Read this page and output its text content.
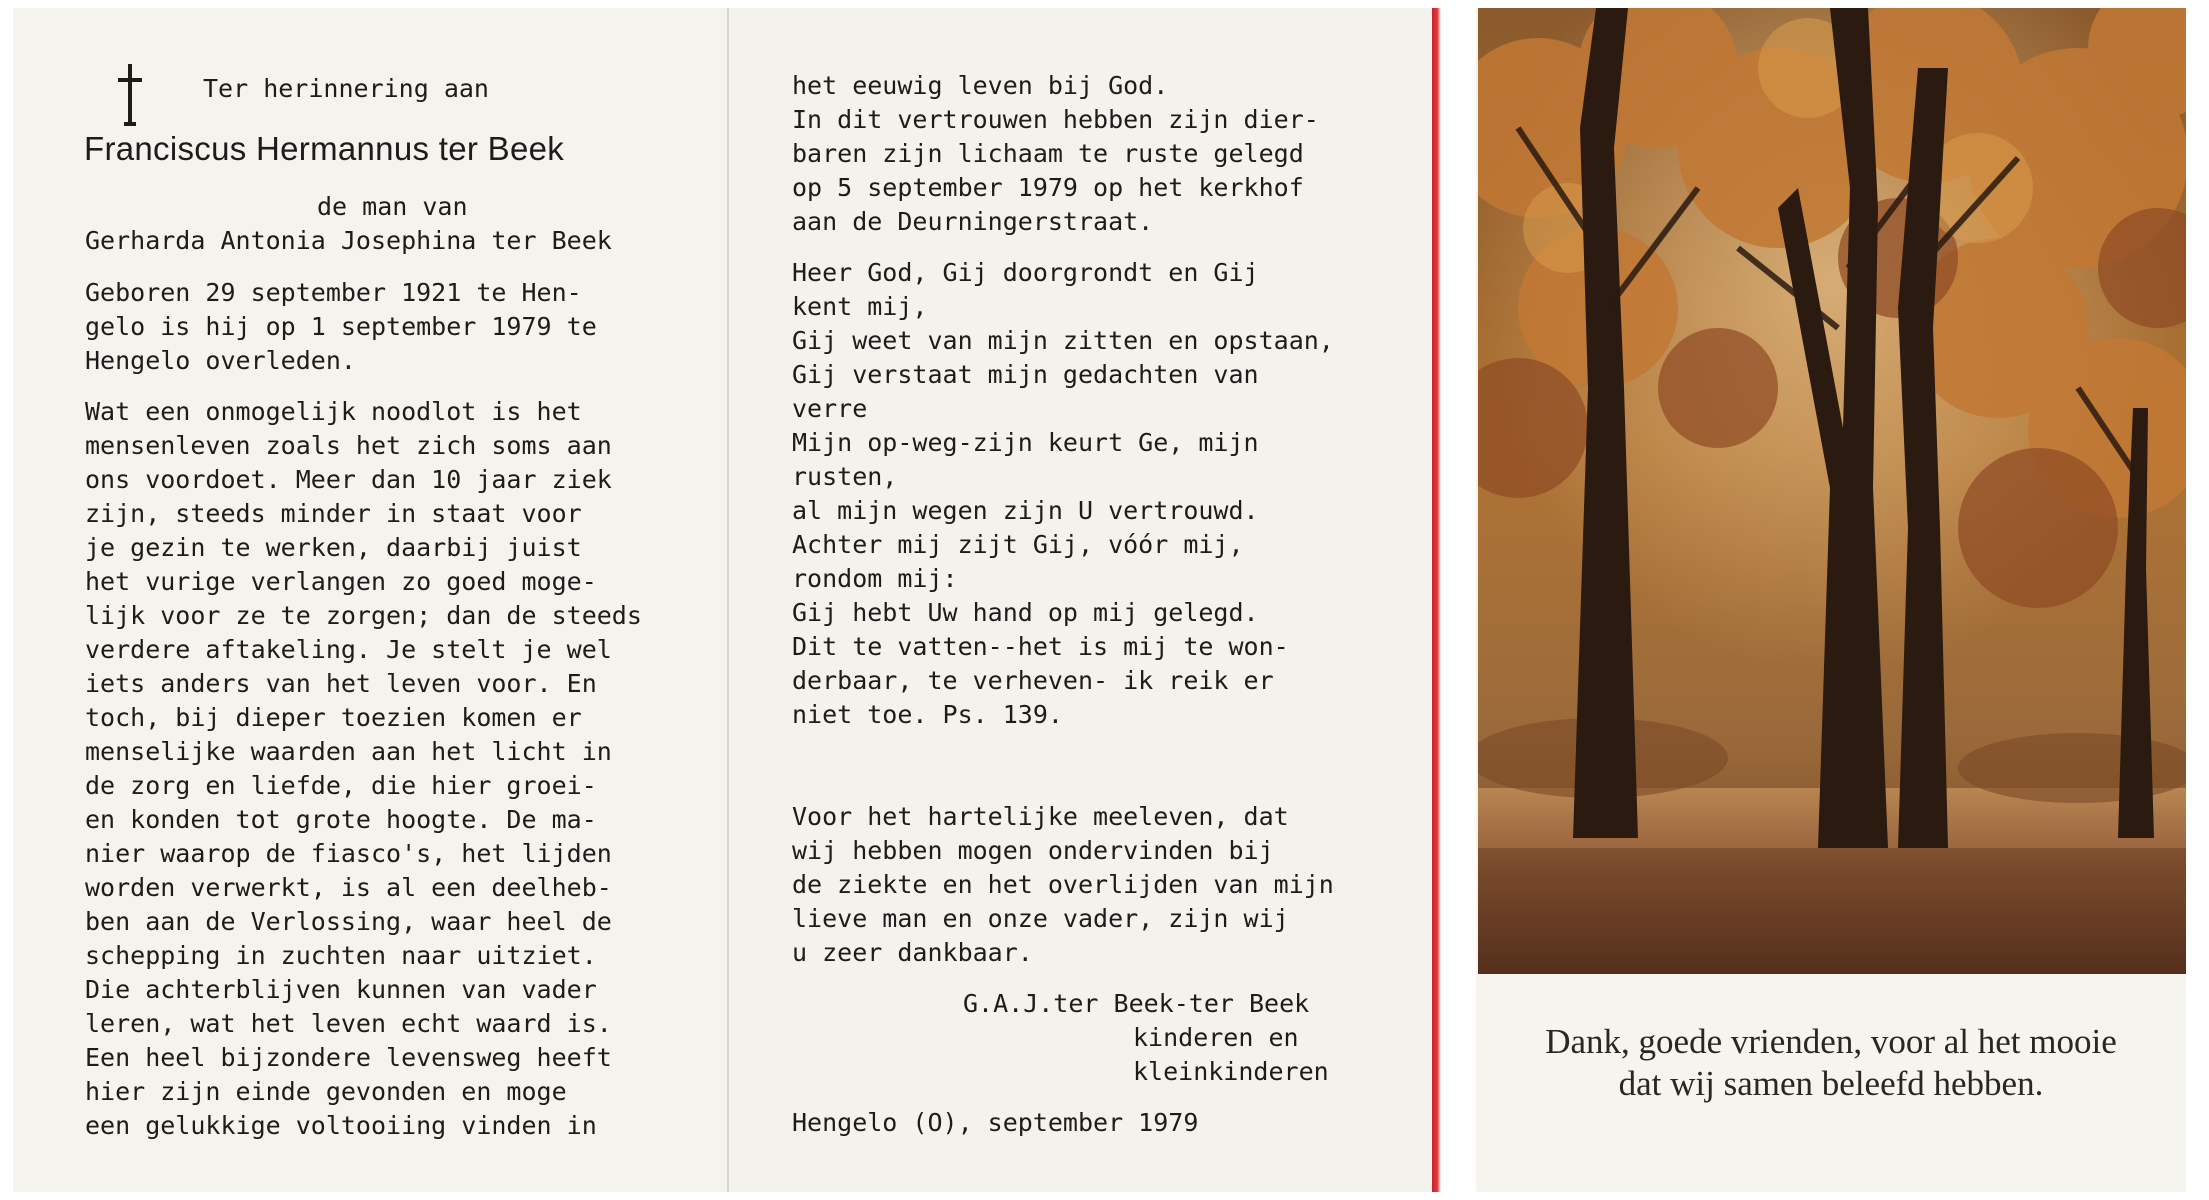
Ter herinnering aan
Franciscus Hermannus ter Beek
de man van
Gerharda Antonia Josephina ter Beek
Geboren 29 september 1921 te Hen-
gelo is hij op 1 september 1979 te
Hengelo overleden.
Wat een onmogelijk noodlot is het
mensenleven zoals het zich soms aan
ons voordoet. Meer dan 10 jaar ziek
zijn, steeds minder in staat voor
je gezin te werken, daarbij juist
het vurige verlangen zo goed moge-
lijk voor ze te zorgen; dan de steeds
verdere aftakeling. Je stelt je wel
iets anders van het leven voor. En
toch, bij dieper toezien komen er
menselijke waarden aan het licht in
de zorg en liefde, die hier groei-
en konden tot grote hoogte. De ma-
nier waarop de fiasco's, het lijden
worden verwerkt, is al een deelheb-
ben aan de Verlossing, waar heel de
schepping in zuchten naar uitziet.
Die achterblijven kunnen van vader
leren, wat het leven echt waard is.
Een heel bijzondere levensweg heeft
hier zijn einde gevonden en moge
een gelukkige voltooiing vinden in
het eeuwig leven bij God.
In dit vertrouwen hebben zijn dier-
baren zijn lichaam te ruste gelegd
op 5 september 1979 op het kerkhof
aan de Deurningerstraat.
Heer God, Gij doorgrondt en Gij
kent mij,
Gij weet van mijn zitten en opstaan,
Gij verstaat mijn gedachten van
verre
Mijn op-weg-zijn keurt Ge, mijn
rusten,
al mijn wegen zijn U vertrouwd.
Achter mij zijt Gij, vóór mij,
rondom mij:
Gij hebt Uw hand op mij gelegd.
Dit te vatten--het is mij te won-
derbaar, te verheven- ik reik er
niet toe. Ps. 139.
Voor het hartelijke meeleven, dat
wij hebben mogen ondervinden bij
de ziekte en het overlijden van mijn
lieve man en onze vader, zijn wij
u zeer dankbaar.
G.A.J.ter Beek-ter Beek
kinderen en
kleinkinderen
Hengelo (O), september 1979
Dank, goede vrienden, voor al het mooie
dat wij samen beleefd hebben.
